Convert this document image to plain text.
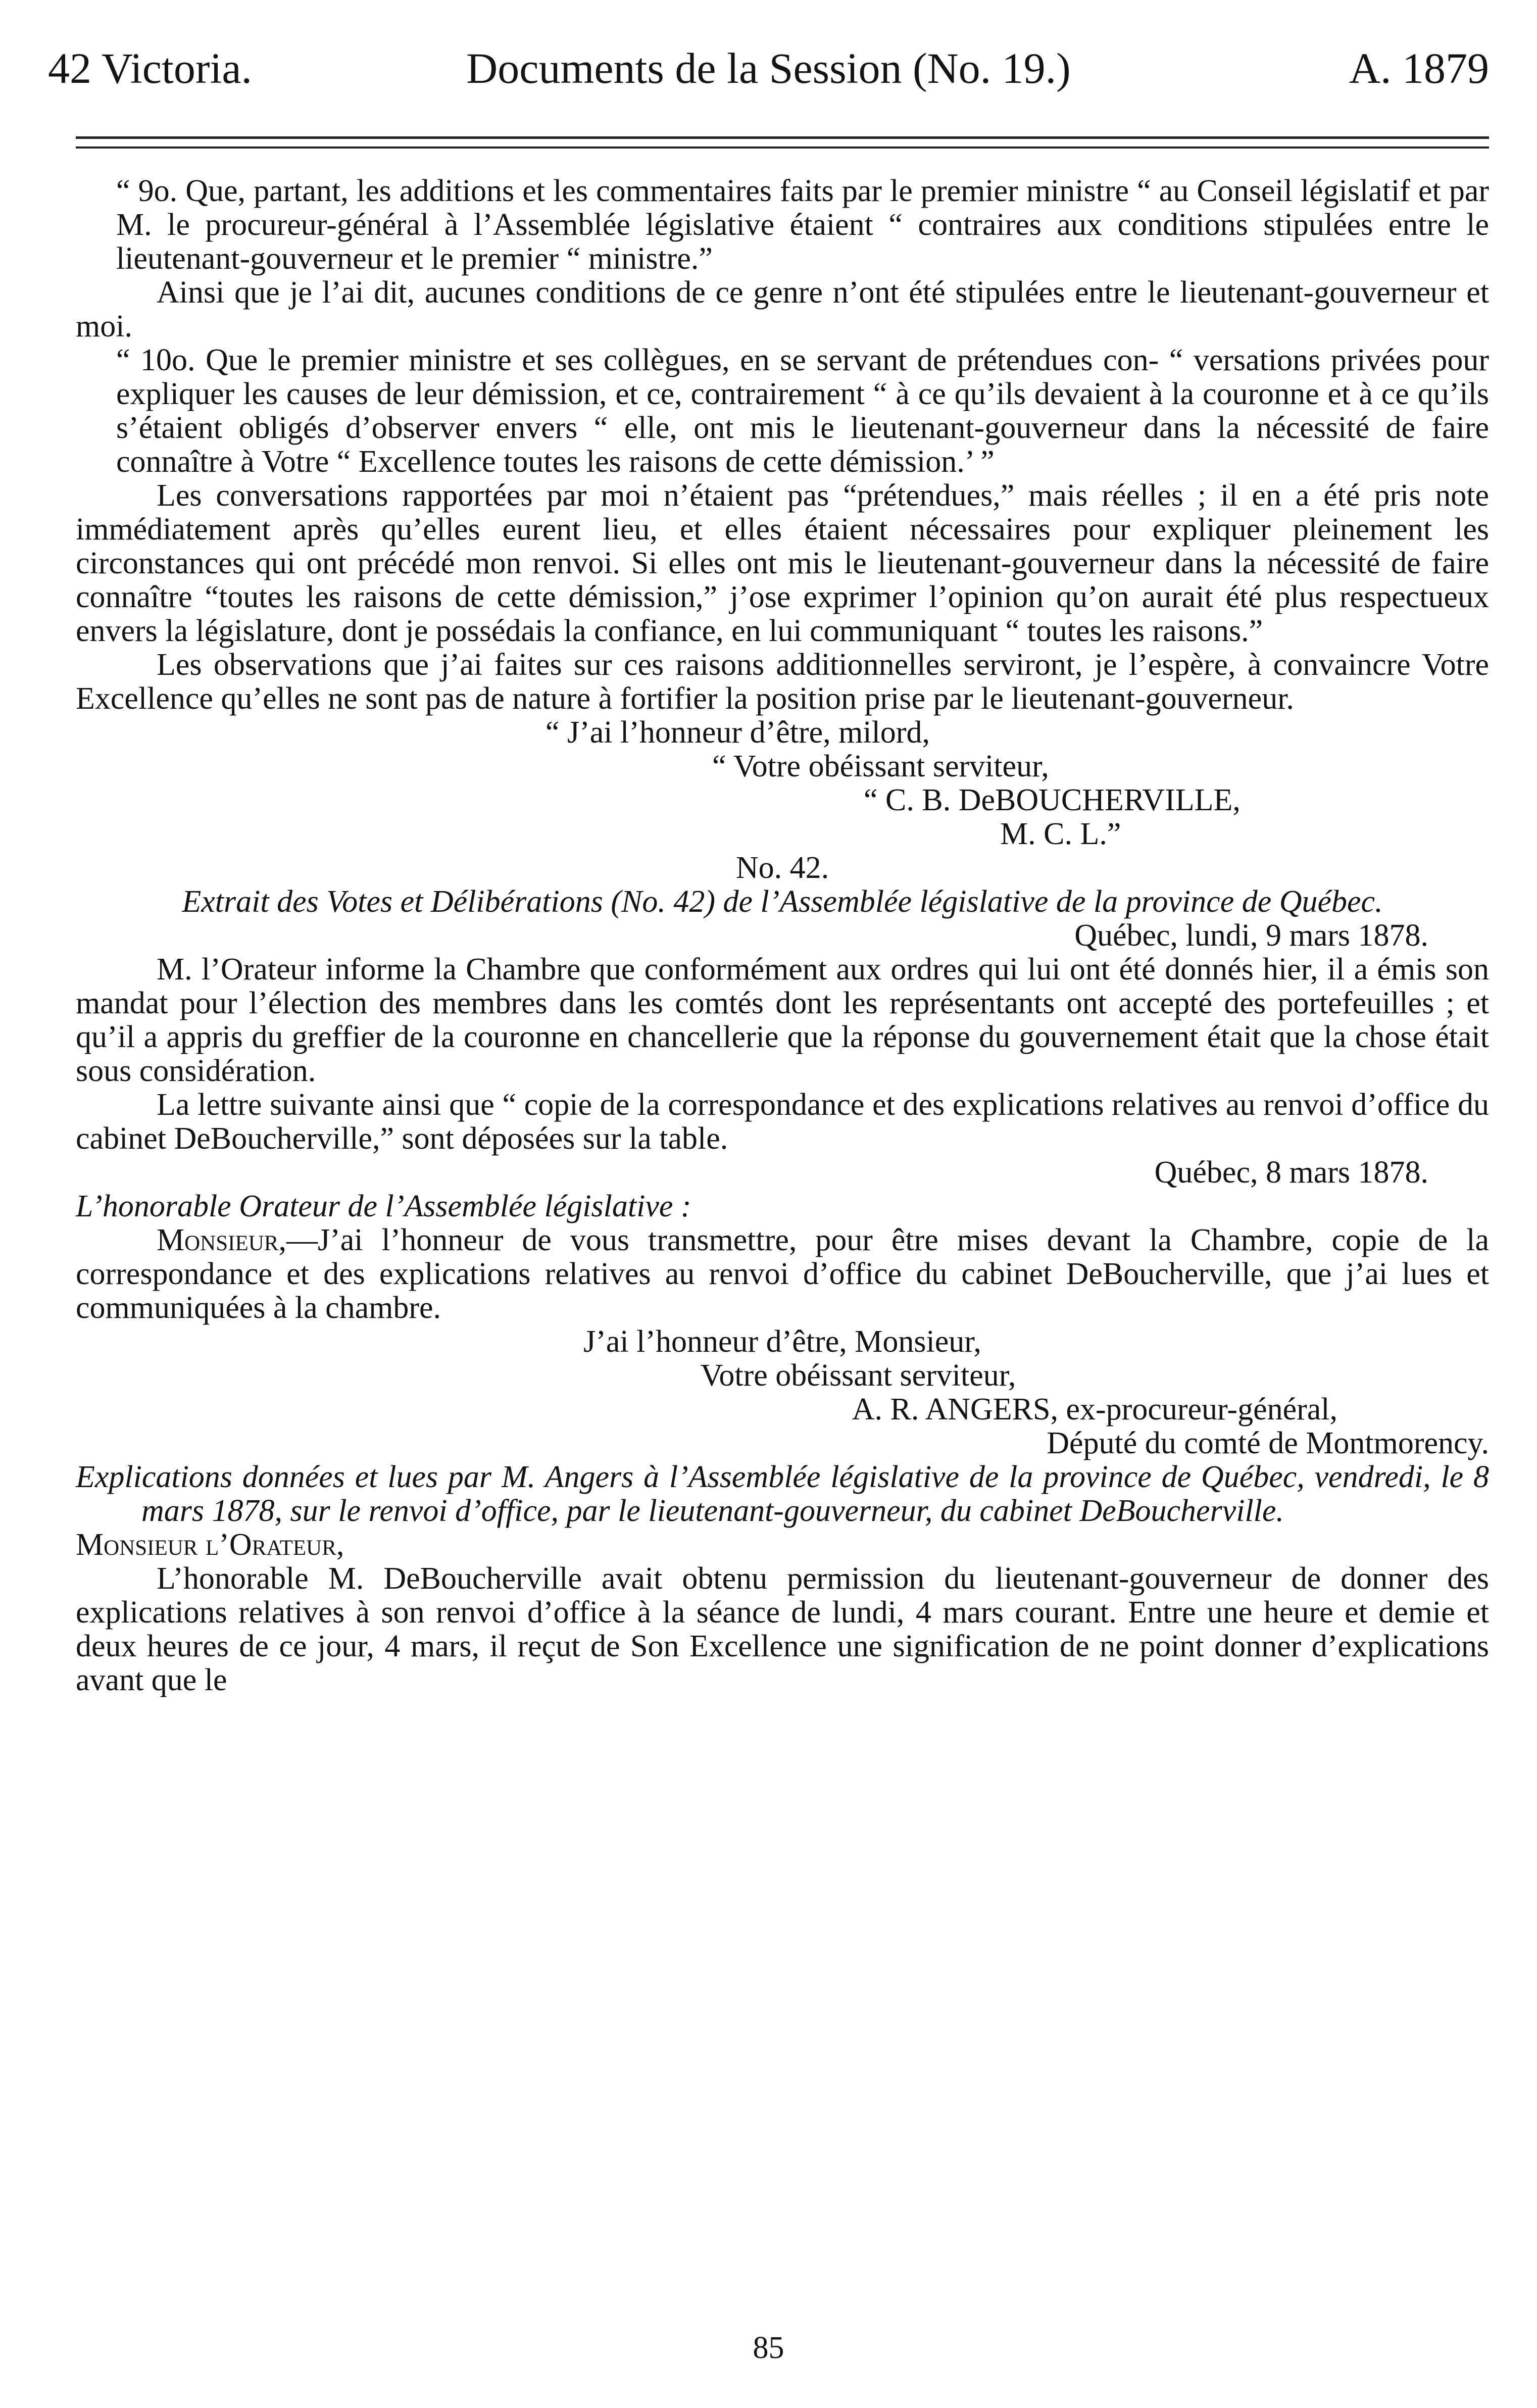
42 Victoria.	Documents de la Session (No. 19.)	A. 1879

“ 9o. Que, partant, les additions et les commentaires faits par le premier ministre “ au Conseil législatif et par M. le procureur-général à l’Assemblée législative étaient “ contraires aux conditions stipulées entre le lieutenant-gouverneur et le premier “ ministre.”

Ainsi que je l’ai dit, aucunes conditions de ce genre n’ont été stipulées entre le lieutenant-gouverneur et moi.

“ 10o. Que le premier ministre et ses collègues, en se servant de prétendues con- “ versations privées pour expliquer les causes de leur démission, et ce, contrairement “ à ce qu’ils devaient à la couronne et à ce qu’ils s’étaient obligés d’observer envers “ elle, ont mis le lieutenant-gouverneur dans la nécessité de faire connaître à Votre “ Excellence toutes les raisons de cette démission.’ ”

Les conversations rapportées par moi n’étaient pas “prétendues,” mais réelles ; il en a été pris note immédiatement après qu’elles eurent lieu, et elles étaient nécessaires pour expliquer pleinement les circonstances qui ont précédé mon renvoi. Si elles ont mis le lieutenant-gouverneur dans la nécessité de faire connaître “toutes les raisons de cette démission,” j’ose exprimer l’opinion qu’on aurait été plus respectueux envers la législature, dont je possédais la confiance, en lui communiquant “ toutes les raisons.”

Les observations que j’ai faites sur ces raisons additionnelles serviront, je l’espère, à convaincre Votre Excellence qu’elles ne sont pas de nature à fortifier la position prise par le lieutenant-gouverneur.

“ J’ai l’honneur d’être, milord,

“ Votre obéissant serviteur,

“ C. B. DeBOUCHERVILLE,

M. C. L.”

No. 42.

Extrait des Votes et Délibérations (No. 42) de l’Assemblée législative de la province de Québec.

Québec, lundi, 9 mars 1878.

M. l’Orateur informe la Chambre que conformément aux ordres qui lui ont été donnés hier, il a émis son mandat pour l’élection des membres dans les comtés dont les représentants ont accepté des portefeuilles ; et qu’il a appris du greffier de la couronne en chancellerie que la réponse du gouvernement était que la chose était sous considération.

La lettre suivante ainsi que “ copie de la correspondance et des explications relatives au renvoi d’office du cabinet DeBoucherville,” sont déposées sur la table.

Québec, 8 mars 1878.

L’honorable Orateur de l’Assemblée législative :

Monsieur,—J’ai l’honneur de vous transmettre, pour être mises devant la Chambre, copie de la correspondance et des explications relatives au renvoi d’office du cabinet DeBoucherville, que j’ai lues et communiquées à la chambre.

J’ai l’honneur d’être, Monsieur,

Votre obéissant serviteur,

A. R. ANGERS, ex-procureur-général,

Député du comté de Montmorency.

Explications données et lues par M. Angers à l’Assemblée législative de la province de Québec, vendredi, le 8 mars 1878, sur le renvoi d’office, par le lieutenant-gouverneur, du cabinet DeBoucherville.

Monsieur l’Orateur,

L’honorable M. DeBoucherville avait obtenu permission du lieutenant-gouverneur de donner des explications relatives à son renvoi d’office à la séance de lundi, 4 mars courant. Entre une heure et demie et deux heures de ce jour, 4 mars, il reçut de Son Excellence une signification de ne point donner d’explications avant que le

85
